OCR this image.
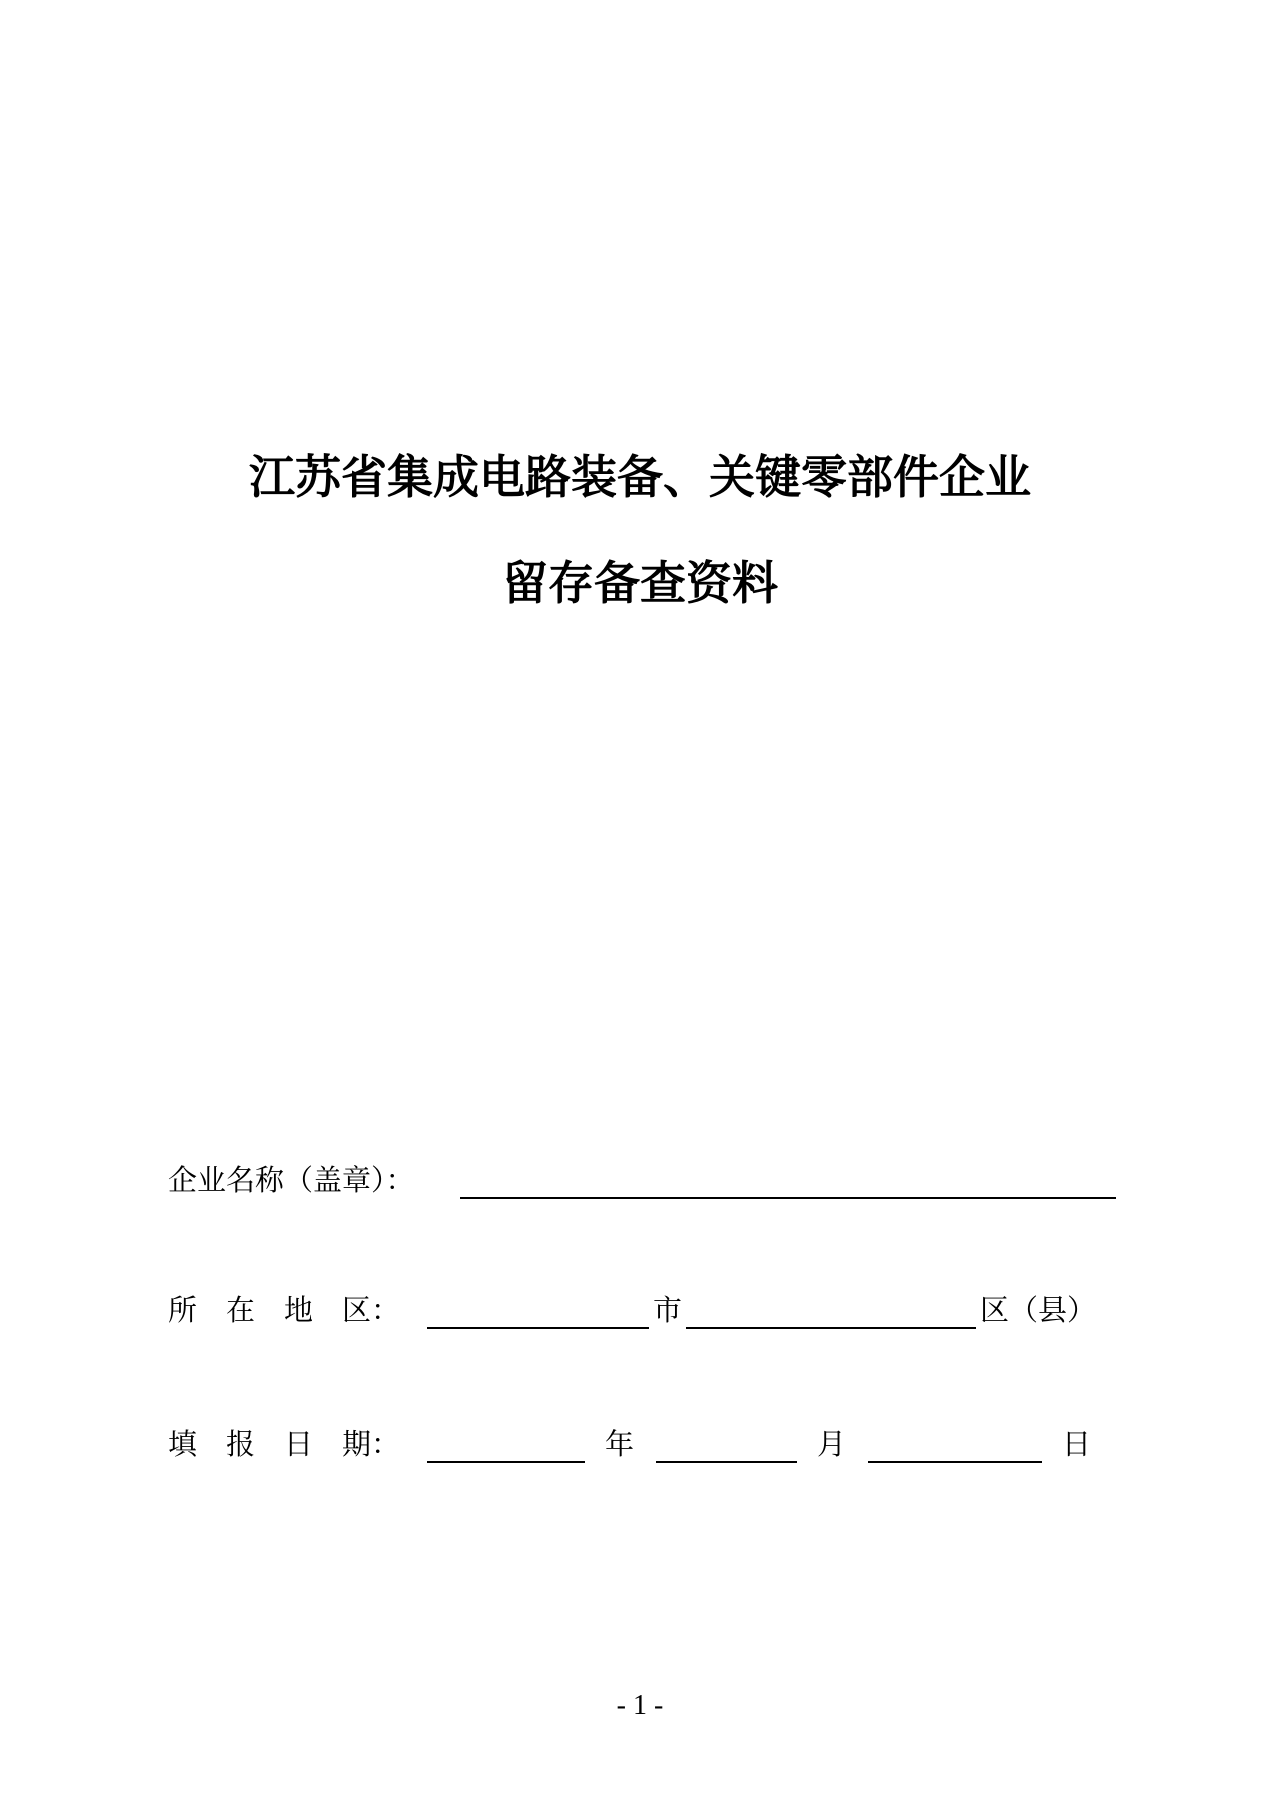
江苏省集成电路装备、关键零部件企业
留存备查资料
企业名称（盖章）：
所　在　地　区：	市	区（县）
填　报　日　期：	年	月	日
- 1 -
